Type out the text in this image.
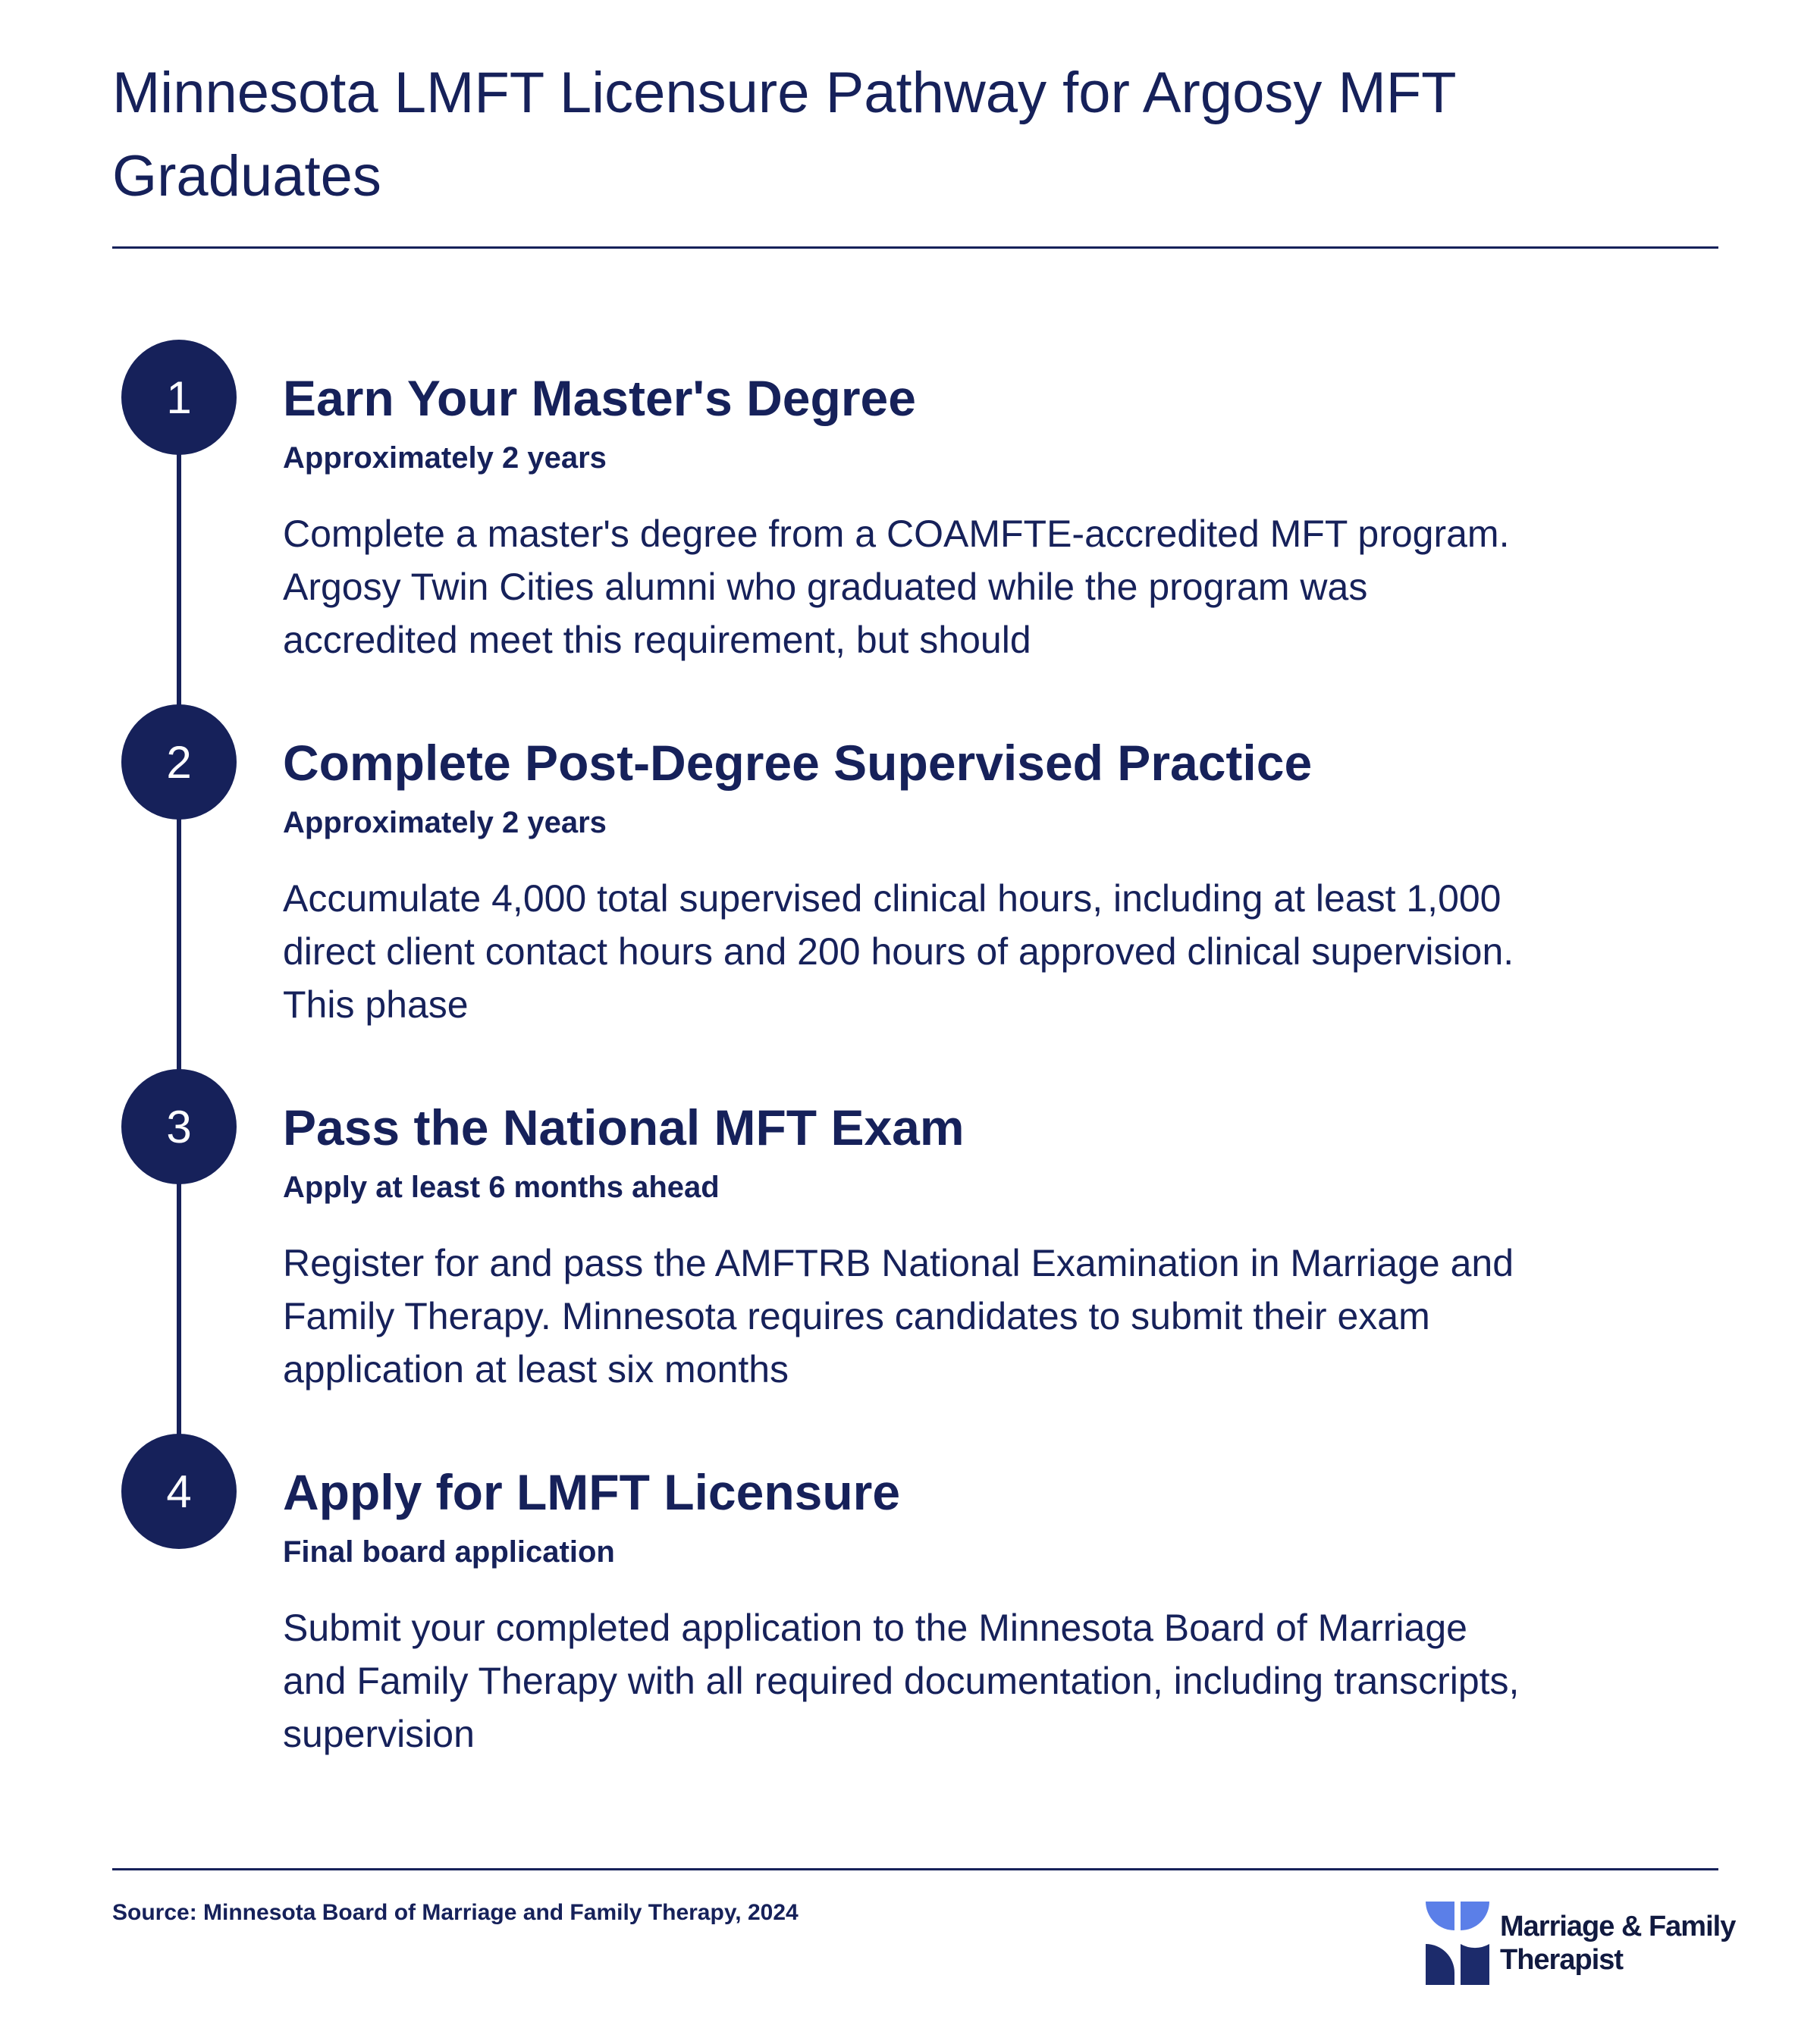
Minnesota LMFT Licensure Pathway for Argosy MFT Graduates
1	Earn Your Master's Degree
Approximately 2 years
Complete a master's degree from a COAMFTE-accredited MFT program. Argosy Twin Cities alumni who graduated while the program was accredited meet this requirement, but should
2	Complete Post-Degree Supervised Practice
Approximately 2 years
Accumulate 4,000 total supervised clinical hours, including at least 1,000 direct client contact hours and 200 hours of approved clinical supervision. This phase
3	Pass the National MFT Exam
Apply at least 6 months ahead
Register for and pass the AMFTRB National Examination in Marriage and Family Therapy. Minnesota requires candidates to submit their exam application at least six months
4	Apply for LMFT Licensure
Final board application
Submit your completed application to the Minnesota Board of Marriage and Family Therapy with all required documentation, including transcripts, supervision
Source: Minnesota Board of Marriage and Family Therapy, 2024	Marriage & Family
Therapist
